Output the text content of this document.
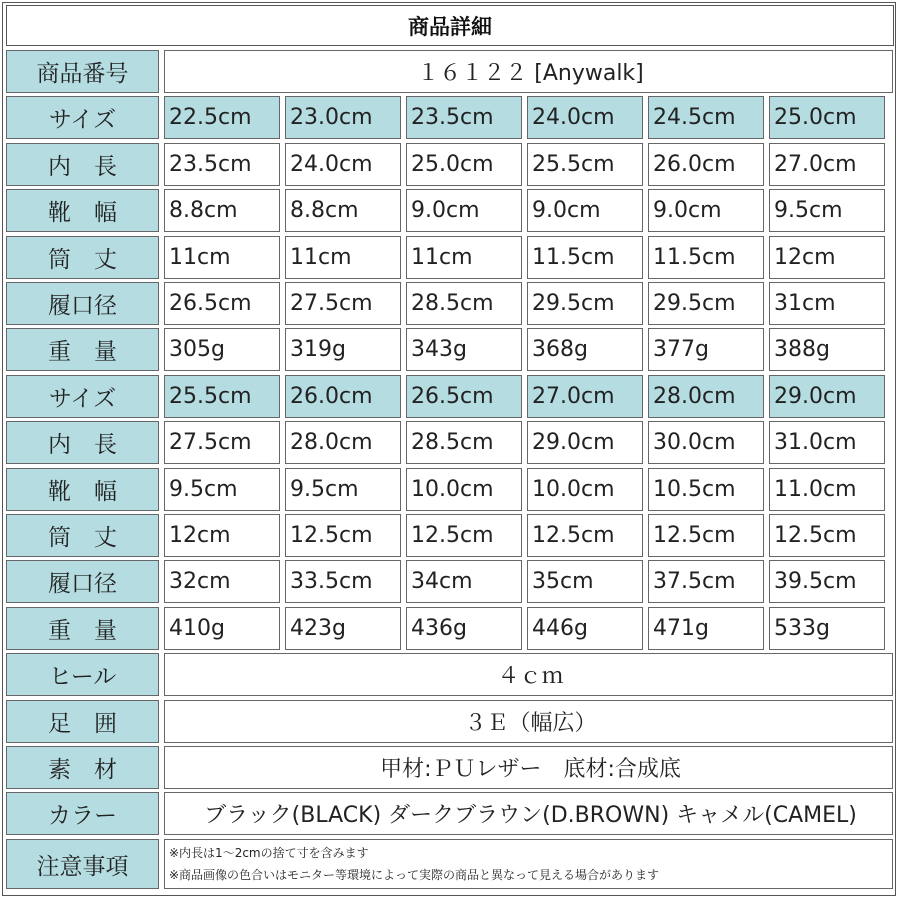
商品詳細
商品番号	１６１２２ [Anywalk]
サイズ	22.5cm	23.0cm	23.5cm	24.0cm	24.5cm	25.0cm
内　長	23.5cm	24.0cm	25.0cm	25.5cm	26.0cm	27.0cm
靴　幅	8.8cm	8.8cm	9.0cm	9.0cm	9.0cm	9.5cm
筒　丈	11cm	11cm	11cm	11.5cm	11.5cm	12cm
履口径	26.5cm	27.5cm	28.5cm	29.5cm	29.5cm	31cm
重　量	305g	319g	343g	368g	377g	388g
サイズ	25.5cm	26.0cm	26.5cm	27.0cm	28.0cm	29.0cm
内　長	27.5cm	28.0cm	28.5cm	29.0cm	30.0cm	31.0cm
靴　幅	9.5cm	9.5cm	10.0cm	10.0cm	10.5cm	11.0cm
筒　丈	12cm	12.5cm	12.5cm	12.5cm	12.5cm	12.5cm
履口径	32cm	33.5cm	34cm	35cm	37.5cm	39.5cm
重　量	410g	423g	436g	446g	471g	533g
ヒール	４ｃｍ
足　囲	３Ｅ（幅広）
素　材	甲材:ＰＵレザー　底材:合成底
カラー	ブラック(BLACK) ダークブラウン(D.BROWN) キャメル(CAMEL)
注意事項
※内長は1～2cmの捨て寸を含みます
※商品画像の色合いはモニター等環境によって実際の商品と異なって見える場合があります
